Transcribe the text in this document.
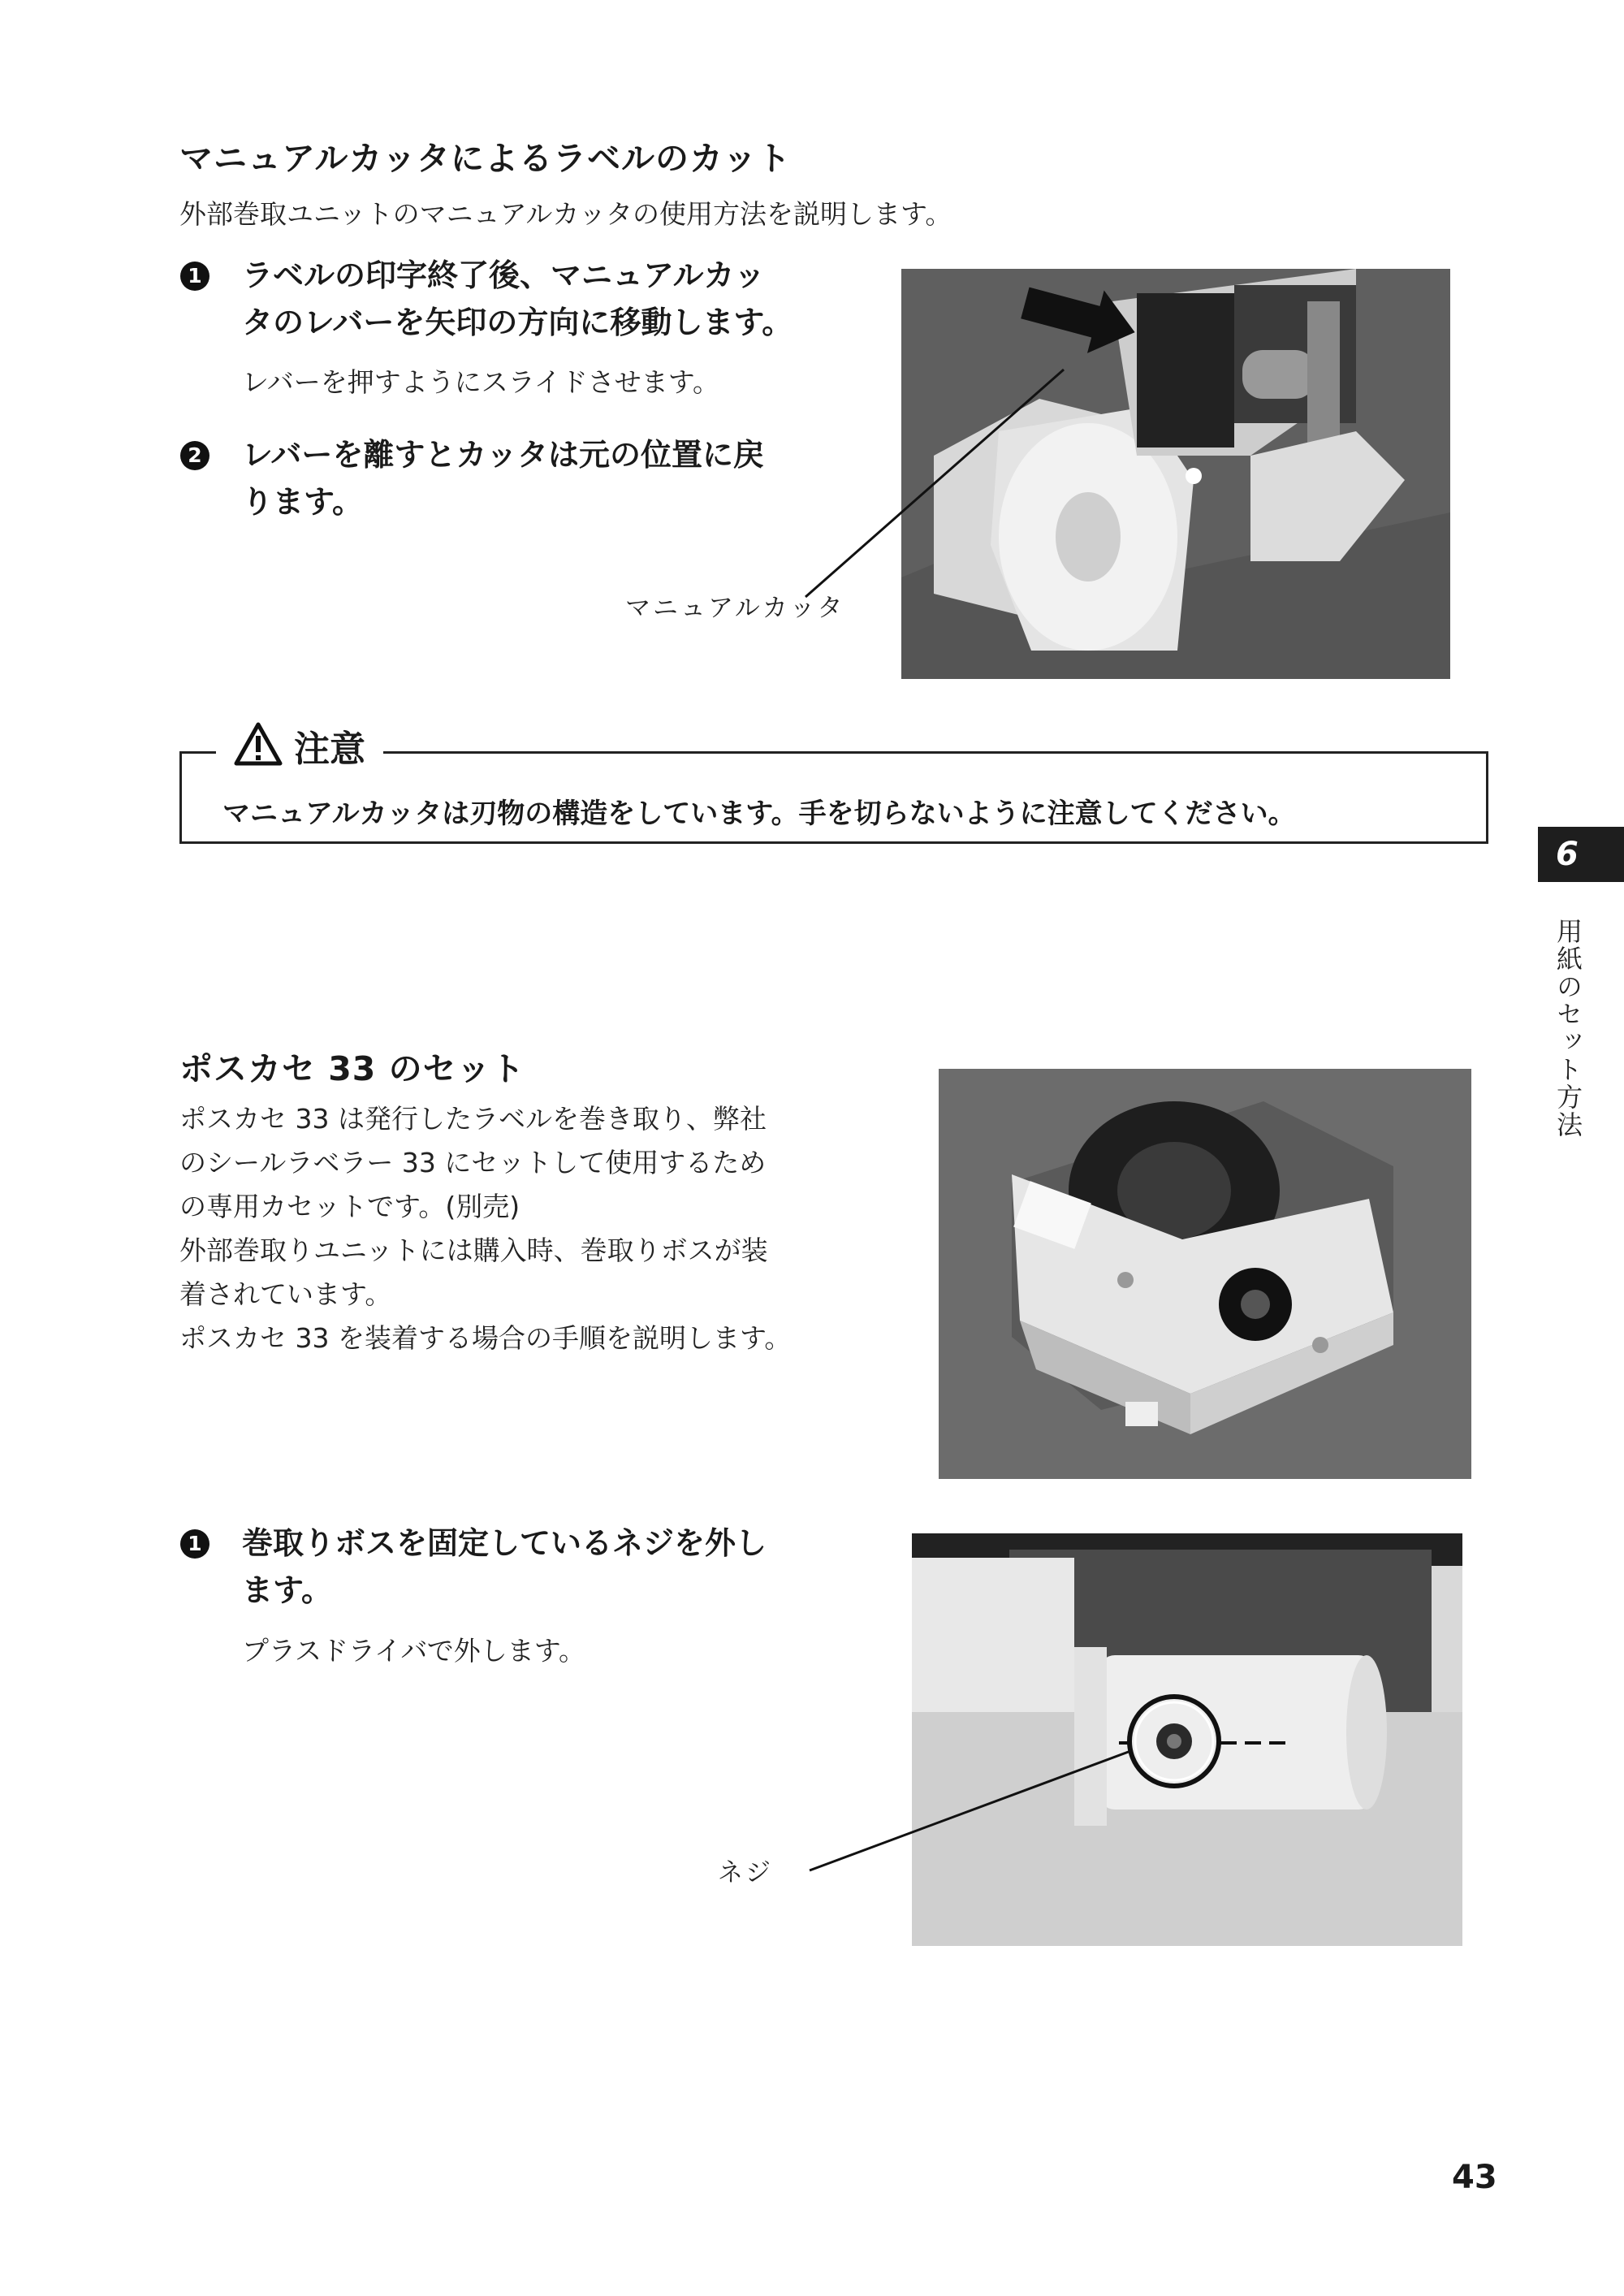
マニュアルカッタによるラベルのカット
外部巻取ユニットのマニュアルカッタの使用方法を説明します。
1 ラベルの印字終了後、マニュアルカッ
タのレバーを矢印の方向に移動します。
レバーを押すようにスライドさせます。
2 レバーを離すとカッタは元の位置に戻
ります。
マニュアルカッタ
マニュアルカッタは刃物の構造をしています。手を切らないように注意してください。
注意
6
用紙のセット方法
ポスカセ 33 のセット
ポスカセ 33 は発行したラベルを巻き取り、弊社
のシールラベラー 33 にセットして使用するため
の専用カセットです。(別売)
外部巻取りユニットには購入時、巻取りボスが装
着されています。
ポスカセ 33 を装着する場合の手順を説明します。
1 巻取りボスを固定しているネジを外し
ます。
プラスドライバで外します。
ネジ
43
